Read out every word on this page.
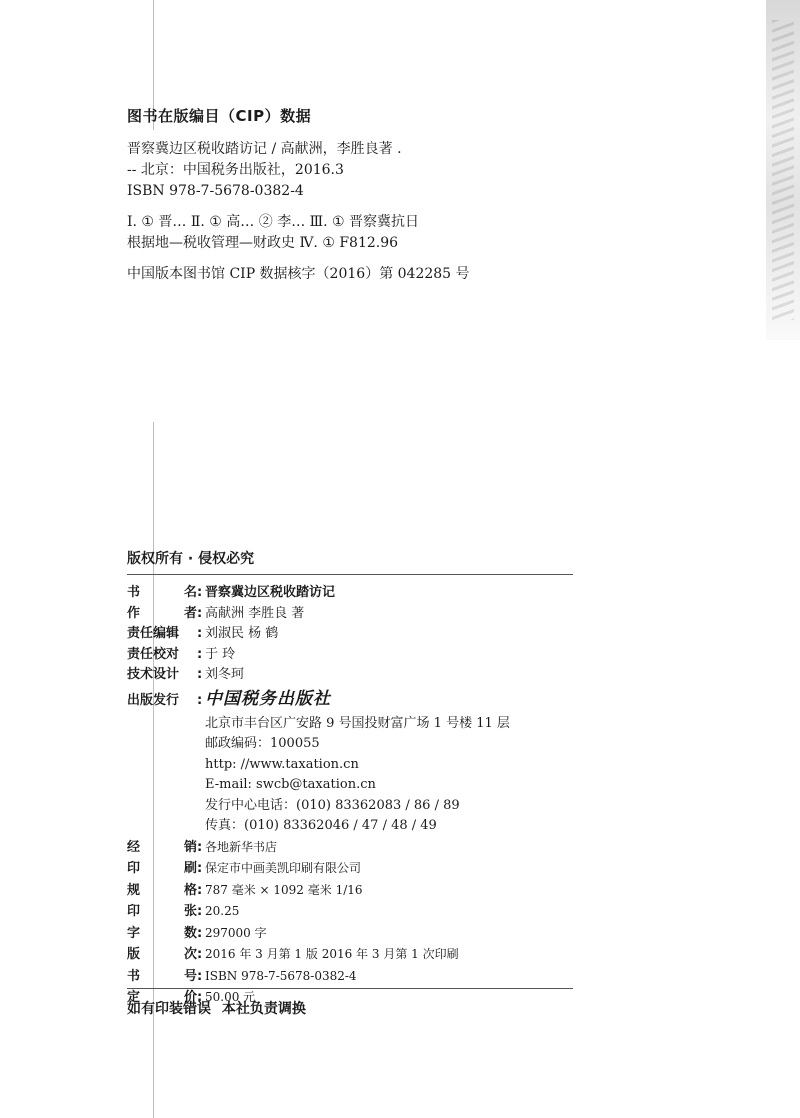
图书在版编目（CIP）数据
晋察冀边区税收踏访记 / 高献洲，李胜良著 .
-- 北京：中国税务出版社，2016.3
ISBN 978-7-5678-0382-4
Ⅰ. ① 晋… Ⅱ. ① 高… ② 李… Ⅲ. ① 晋察冀抗日
根据地—税收管理—财政史 Ⅳ. ① F812.96
中国版本图书馆 CIP 数据核字（2016）第 042285 号
版权所有 · 侵权必究
书	名 : 晋察冀边区税收踏访记
作	者 : 高献洲 李胜良 著
责任编辑	: 刘淑民 杨 鹤
责任校对	: 于 玲
技术设计	: 刘冬珂
出版发行	: 中国税务出版社
北京市丰台区广安路 9 号国投财富广场 1 号楼 11 层
邮政编码：100055
http: //www.taxation.cn
E-mail: swcb@taxation.cn
发行中心电话：(010) 83362083 / 86 / 89
传真：(010) 83362046 / 47 / 48 / 49
经	销 : 各地新华书店
印	刷 : 保定市中画美凯印刷有限公司
规	格 : 787 毫米 × 1092 毫米 1/16
印	张 : 20.25
字	数 : 297000 字
版	次 : 2016 年 3 月第 1 版 2016 年 3 月第 1 次印刷
书	号 : ISBN 978-7-5678-0382-4
定	价 : 50.00 元
如有印装错误 本社负责调换
